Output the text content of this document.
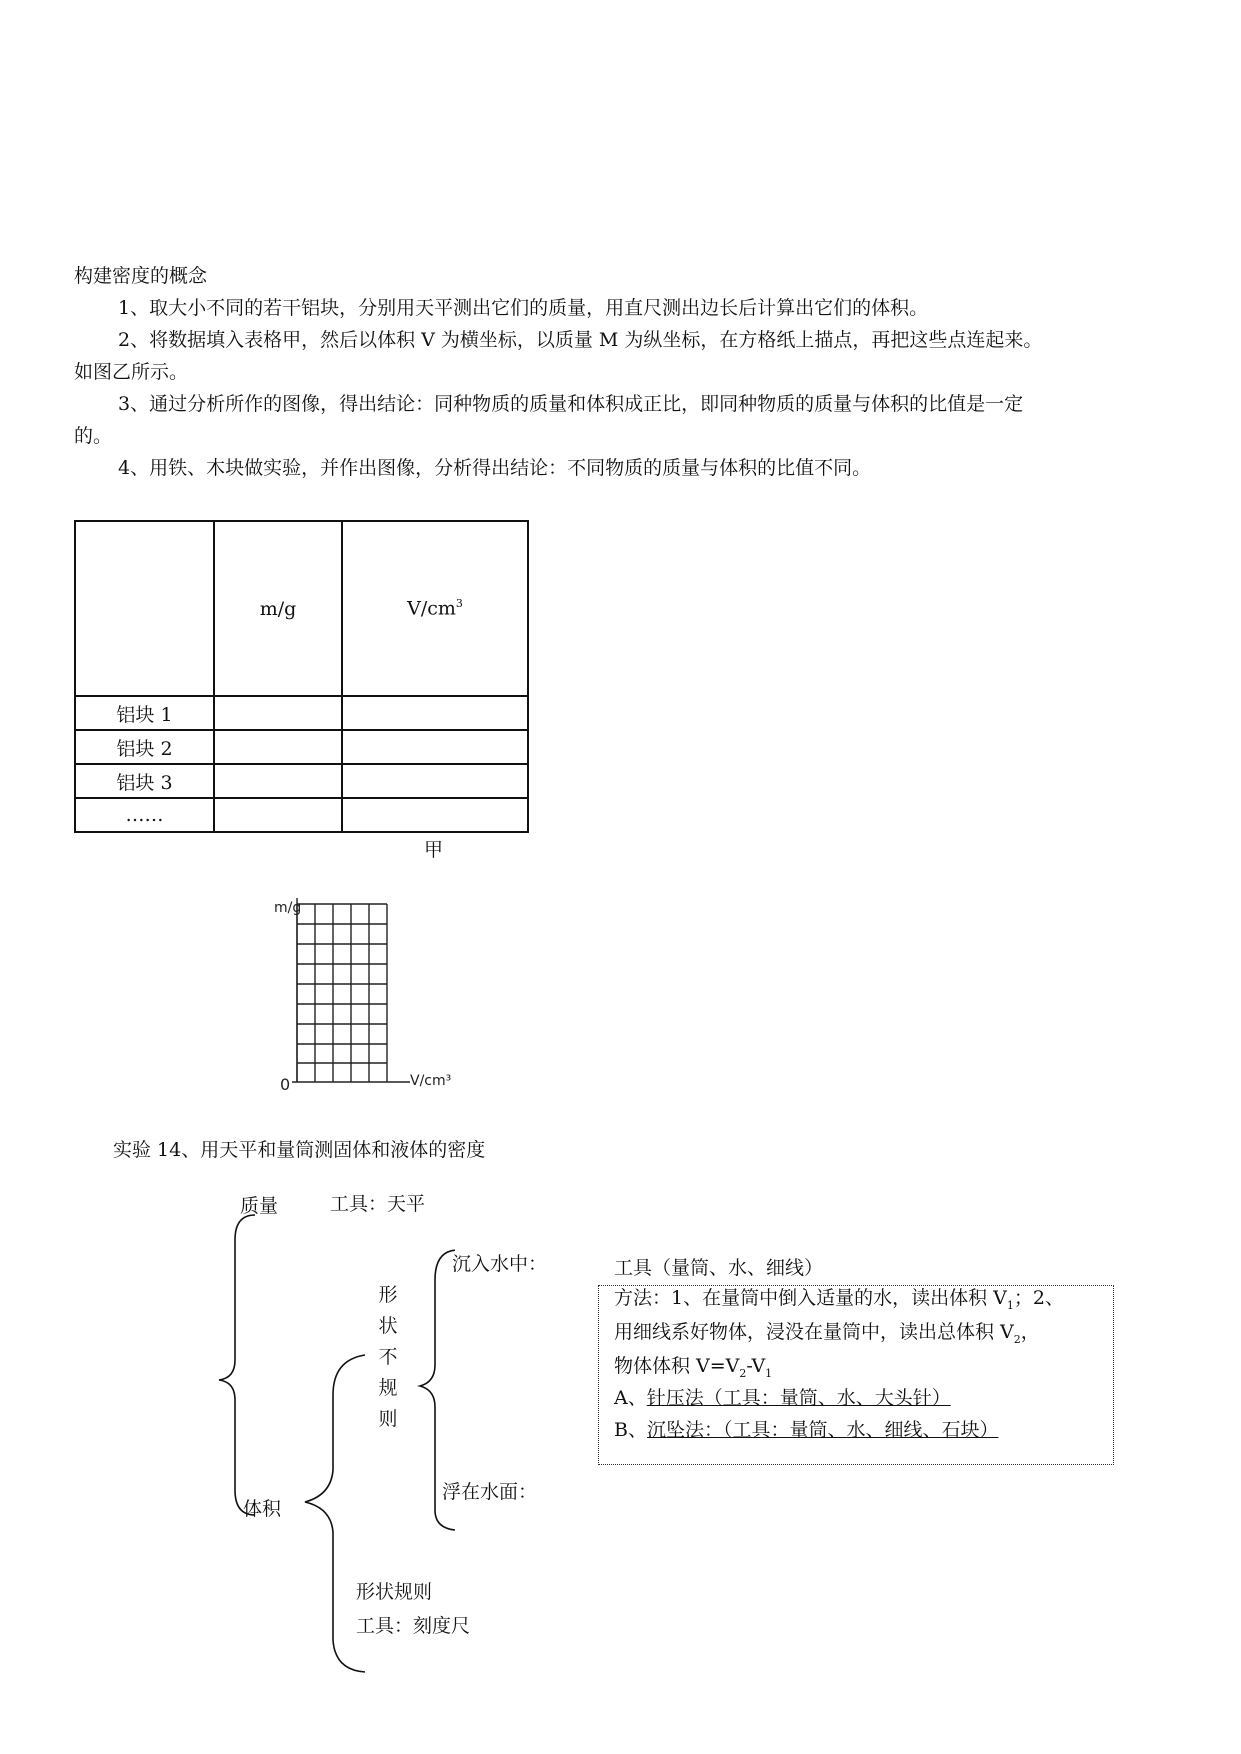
构建密度的概念
1、取大小不同的若干铝块，分别用天平测出它们的质量，用直尺测出边长后计算出它们的体积。
2、将数据填入表格甲，然后以体积 V 为横坐标，以质量 M 为纵坐标，在方格纸上描点，再把这些点连起来。
如图乙所示。
3、通过分析所作的图像，得出结论：同种物质的质量和体积成正比，即同种物质的质量与体积的比值是一定
的。
4、用铁、木块做实验，并作出图像，分析得出结论：不同物质的质量与体积的比值不同。
	m/g	$V/cm^3$
铝块 1		
铝块 2		
铝块 3		
……		
甲
m/g
V/cm³
0
实验 14、用天平和量筒测固体和液体的密度
质量	工具：天平
体积
形
状
不
规
则
沉入水中：	工具（量筒、水、细线）
方法：1、在量筒中倒入适量的水，读出体积 $V_1$；2、
用细线系好物体，浸没在量筒中，读出总体积 $V_2$，
物体体积 $V=V_2-V_1$
A、针压法（工具：量筒、水、大头针）
B、沉坠法：（工具：量筒、水、细线、石块）
浮在水面：
形状规则
工具：刻度尺
